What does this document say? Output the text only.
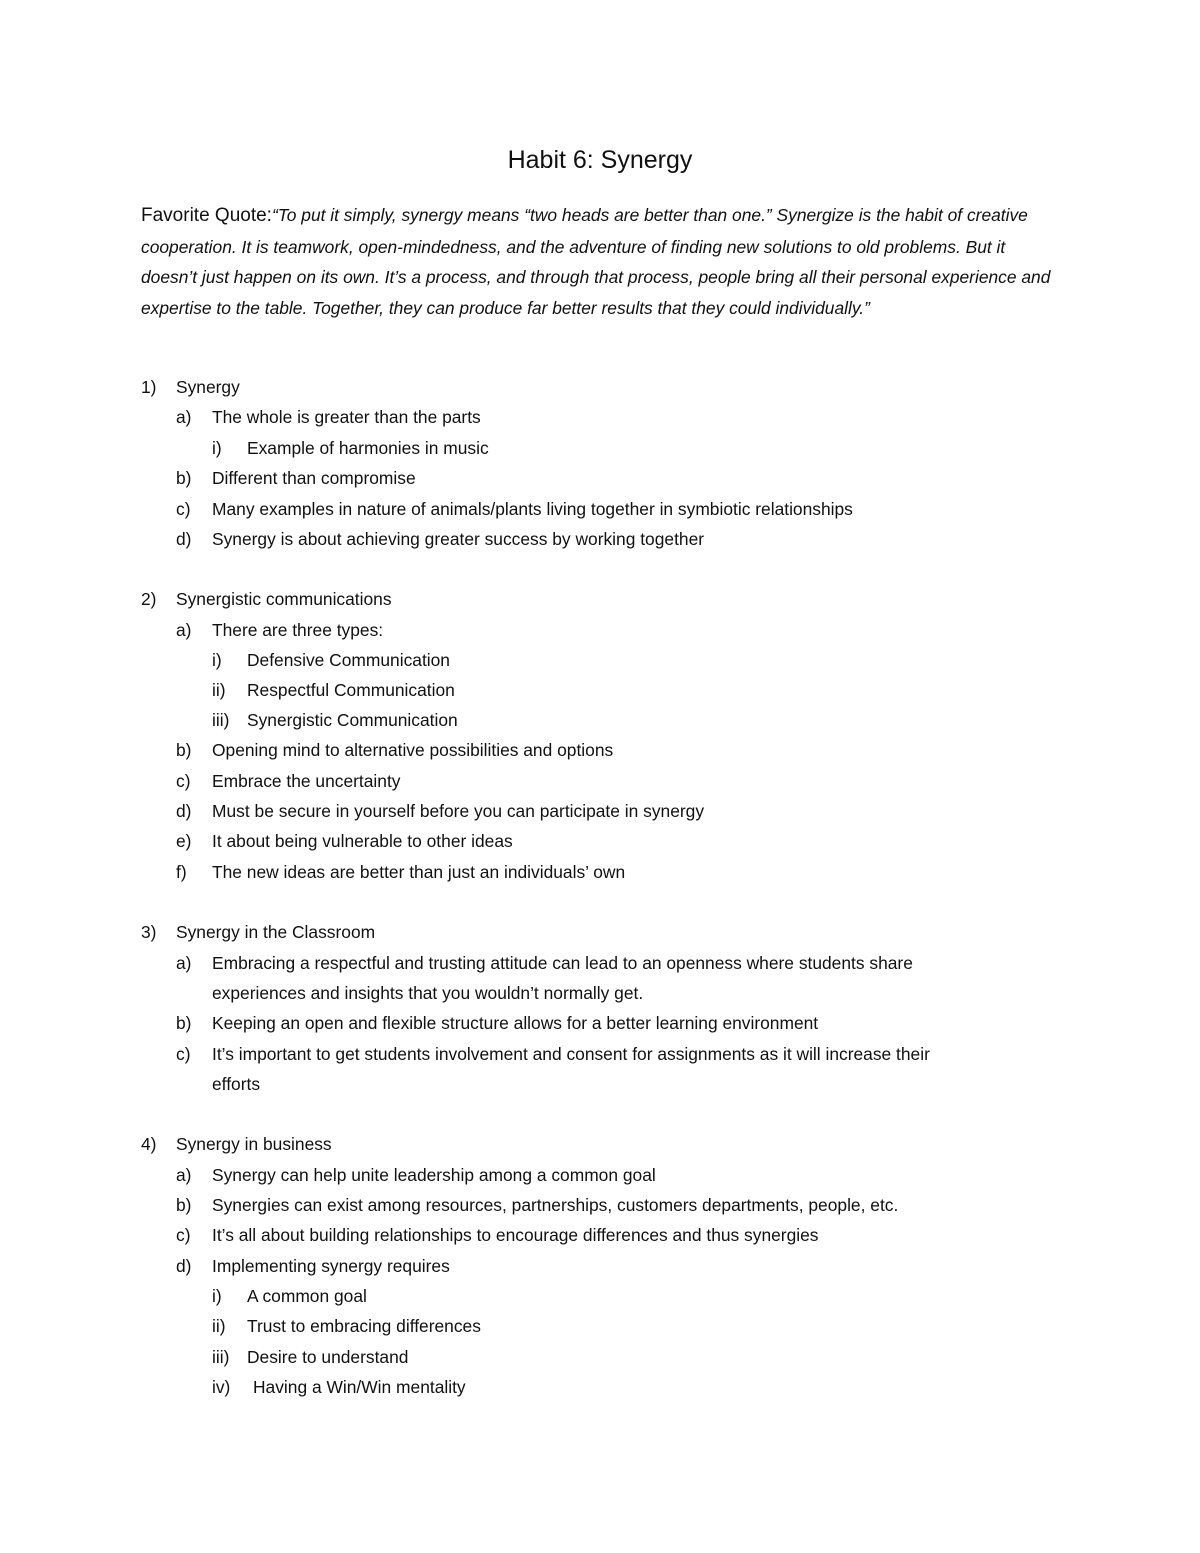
Habit 6: Synergy
Favorite Quote:“To put it simply, synergy means “two heads are better than one.” Synergize is the habit of creative cooperation. It is teamwork, open-mindedness, and the adventure of finding new solutions to old problems. But it doesn’t just happen on its own. It’s a process, and through that process, people bring all their personal experience and expertise to the table. Together, they can produce far better results that they could individually.”
1) Synergy
a) The whole is greater than the parts
i) Example of harmonies in music
b) Different than compromise
c) Many examples in nature of animals/plants living together in symbiotic relationships
d) Synergy is about achieving greater success by working together
2) Synergistic communications
a) There are three types:
i) Defensive Communication
ii) Respectful Communication
iii) Synergistic Communication
b) Opening mind to alternative possibilities and options
c) Embrace the uncertainty
d) Must be secure in yourself before you can participate in synergy
e) It about being vulnerable to other ideas
f) The new ideas are better than just an individuals’ own
3) Synergy in the Classroom
a) Embracing a respectful and trusting attitude can lead to an openness where students share
experiences and insights that you wouldn’t normally get.
b) Keeping an open and flexible structure allows for a better learning environment
c) It’s important to get students involvement and consent for assignments as it will increase their
efforts
4) Synergy in business
a) Synergy can help unite leadership among a common goal
b) Synergies can exist among resources, partnerships, customers departments, people, etc.
c) It’s all about building relationships to encourage differences and thus synergies
d) Implementing synergy requires
i) A common goal
ii) Trust to embracing differences
iii) Desire to understand
iv) Having a Win/Win mentality
